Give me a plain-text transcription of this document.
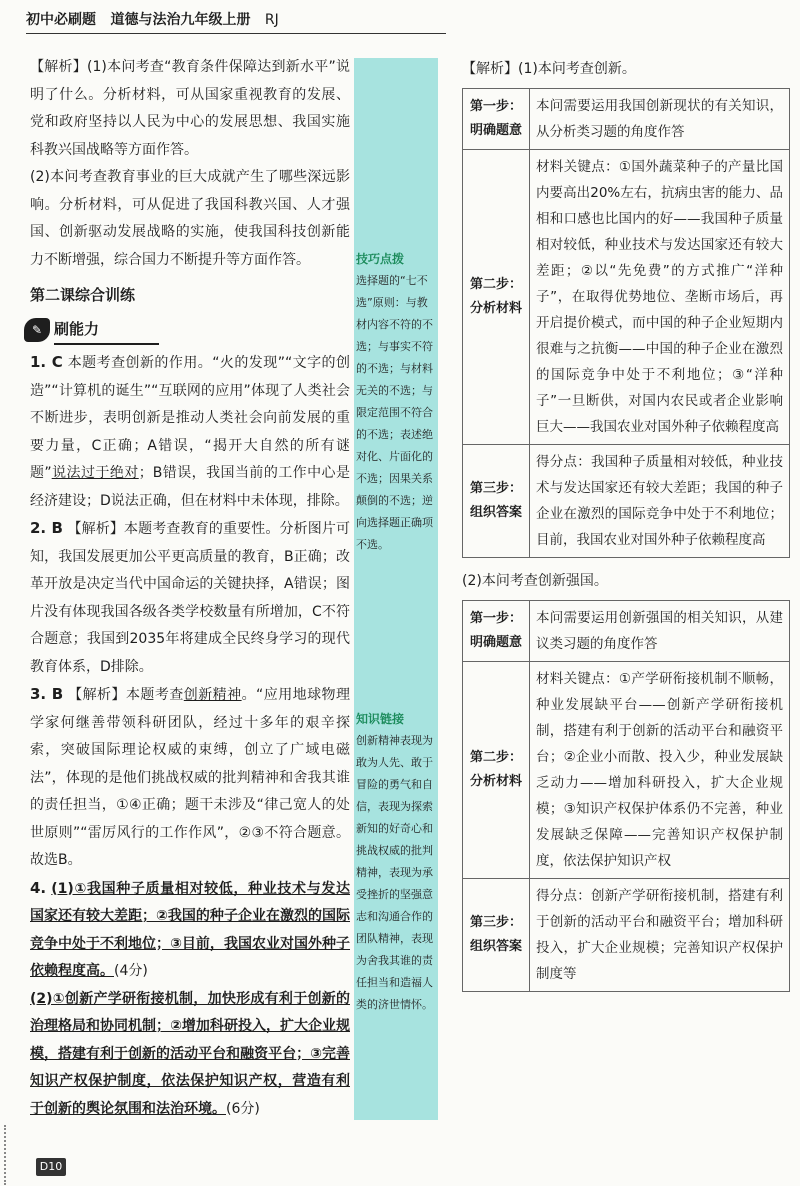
初中必刷题 道德与法治九年级上册 RJ

【解析】(1)本问考查“教育条件保障达到新水平”说明了什么。分析材料，可从国家重视教育的发展、党和政府坚持以人民为中心的发展思想、我国实施科教兴国战略等方面作答。

(2)本问考查教育事业的巨大成就产生了哪些深远影响。分析材料，可从促进了我国科教兴国、人才强国、创新驱动发展战略的实施，使我国科技创新能力不断增强，综合国力不断提升等方面作答。

第二课综合训练

✎ 刷能力

1. C 本题考查创新的作用。“火的发现”“文字的创造”“计算机的诞生”“互联网的应用”体现了人类社会不断进步，表明创新是推动人类社会向前发展的重要力量，C正确；A错误，“揭开大自然的所有谜题”说法过于绝对；B错误，我国当前的工作中心是经济建设；D说法正确，但在材料中未体现，排除。

2. B 【解析】本题考查教育的重要性。分析图片可知，我国发展更加公平更高质量的教育，B正确；改革开放是决定当代中国命运的关键抉择，A错误；图片没有体现我国各级各类学校数量有所增加，C不符合题意；我国到2035年将建成全民终身学习的现代教育体系，D排除。

3. B 【解析】本题考查创新精神。“应用地球物理学家何继善带领科研团队，经过十多年的艰辛探索，突破国际理论权威的束缚，创立了广域电磁法”，体现的是他们挑战权威的批判精神和舍我其谁的责任担当，①④正确；题干未涉及“律己宽人的处世原则”“雷厉风行的工作作风”，②③不符合题意。故选B。

4. (1)①我国种子质量相对较低，种业技术与发达国家还有较大差距；②我国的种子企业在激烈的国际竞争中处于不利地位；③目前，我国农业对国外种子依赖程度高。(4分)

(2)①创新产学研衔接机制，加快形成有利于创新的治理格局和协同机制；②增加科研投入，扩大企业规模，搭建有利于创新的活动平台和融资平台；③完善知识产权保护制度，依法保护知识产权，营造有利于创新的舆论氛围和法治环境。(6分)

技巧点拨
选择题的“七不选”原则：与教材内容不符的不选；与事实不符的不选；与材料无关的不选；与限定范围不符合的不选；表述绝对化、片面化的不选；因果关系颠倒的不选；逆向选择题正确项不选。
知识链接
创新精神表现为敢为人先、敢于冒险的勇气和自信，表现为探索新知的好奇心和挑战权威的批判精神，表现为承受挫折的坚强意志和沟通合作的团队精神，表现为舍我其谁的责任担当和造福人类的济世情怀。
【解析】(1)本问考查创新。
第一步：明确题意	本问需要运用我国创新现状的有关知识，从分析类习题的角度作答
第二步：分析材料	材料关键点：①国外蔬菜种子的产量比国内要高出20%左右，抗病虫害的能力、品相和口感也比国内的好——我国种子质量相对较低，种业技术与发达国家还有较大差距；②以“先免费”的方式推广“洋种子”，在取得优势地位、垄断市场后，再开启提价模式，而中国的种子企业短期内很难与之抗衡——中国的种子企业在激烈的国际竞争中处于不利地位；③“洋种子”一旦断供，对国内农民或者企业影响巨大——我国农业对国外种子依赖程度高
第三步：组织答案	得分点：我国种子质量相对较低，种业技术与发达国家还有较大差距；我国的种子企业在激烈的国际竞争中处于不利地位；目前，我国农业对国外种子依赖程度高
(2)本问考查创新强国。
第一步：明确题意	本问需要运用创新强国的相关知识，从建议类习题的角度作答
第二步：分析材料	材料关键点：①产学研衔接机制不顺畅，种业发展缺平台——创新产学研衔接机制，搭建有利于创新的活动平台和融资平台；②企业小而散、投入少，种业发展缺乏动力——增加科研投入，扩大企业规模；③知识产权保护体系仍不完善，种业发展缺乏保障——完善知识产权保护制度，依法保护知识产权
第三步：组织答案	得分点：创新产学研衔接机制，搭建有利于创新的活动平台和融资平台；增加科研投入，扩大企业规模；完善知识产权保护制度等
D10
